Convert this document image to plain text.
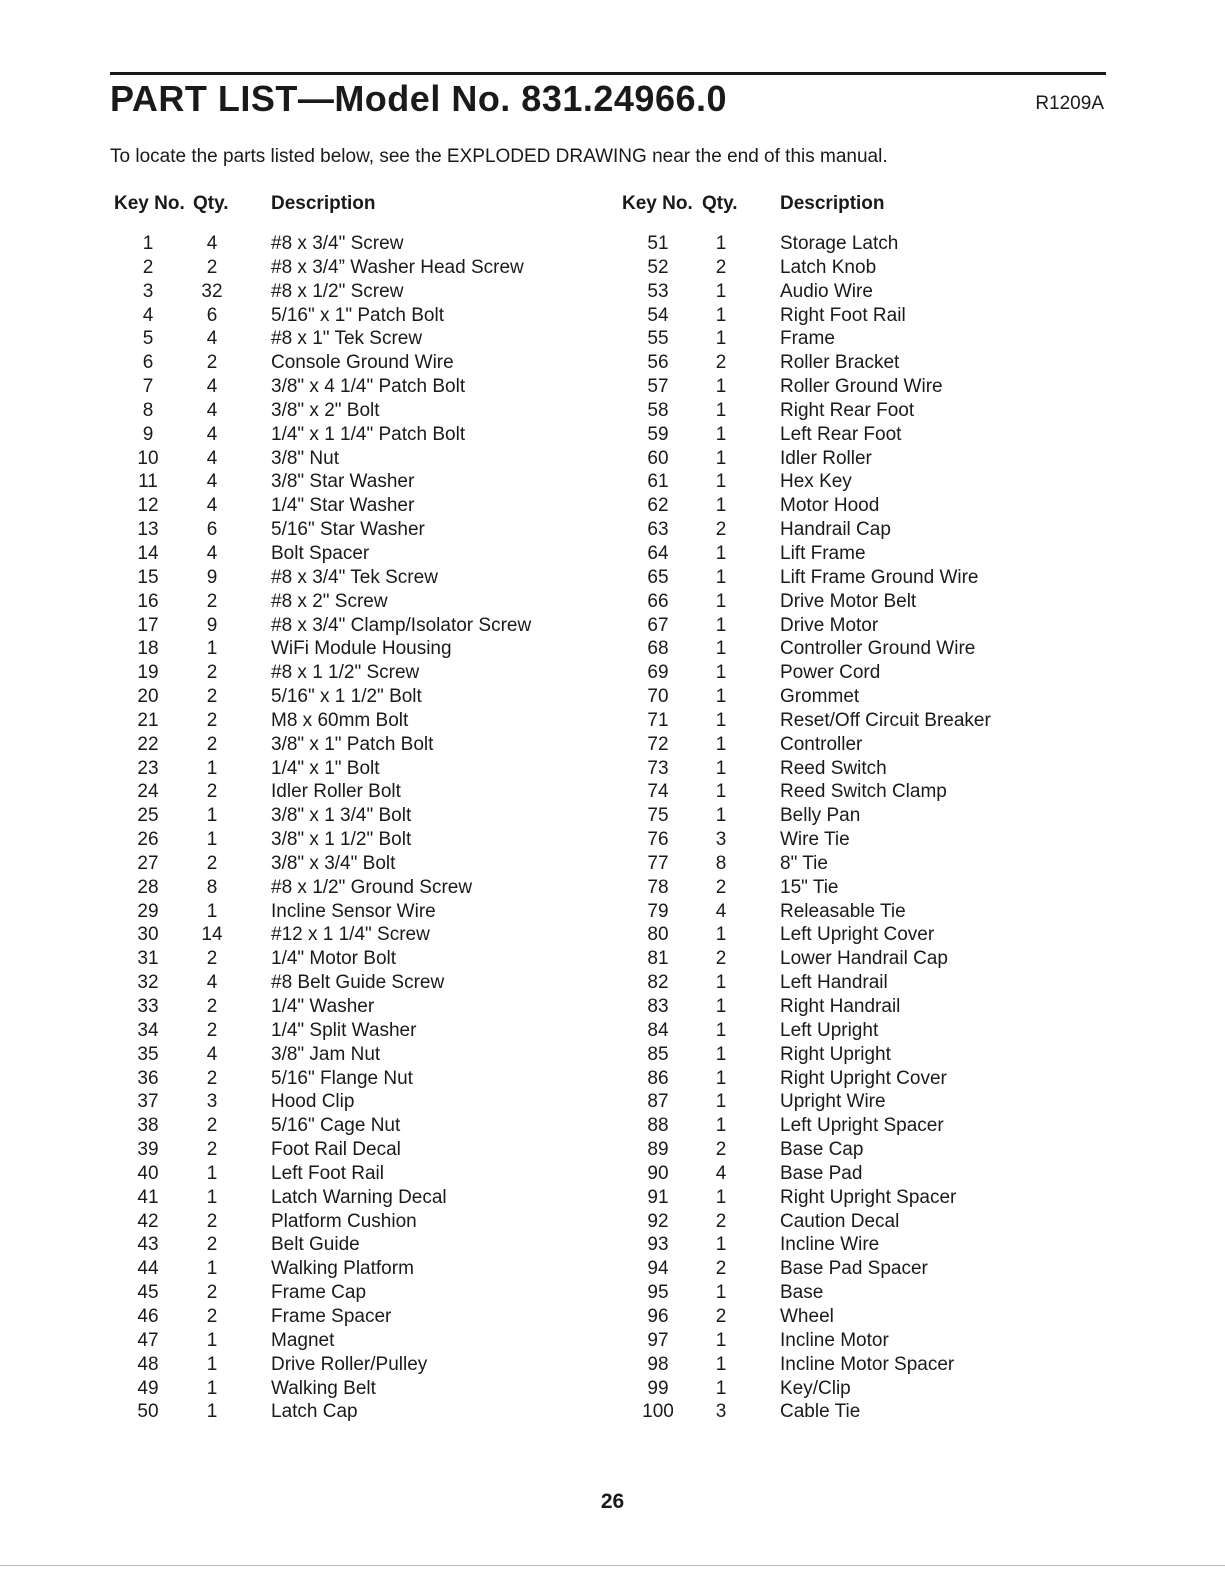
PART LIST—Model No. 831.24966.0	R1209A
To locate the parts listed below, see the EXPLODED DRAWING near the end of this manual.
Key No. Qty. Description	Key No. Qty. Description
1	4	#8 x 3/4" Screw
2	2	#8 x 3/4” Washer Head Screw
3	32	#8 x 1/2" Screw
4	6	5/16" x 1" Patch Bolt
5	4	#8 x 1" Tek Screw
6	2	Console Ground Wire
7	4	3/8" x 4 1/4" Patch Bolt
8	4	3/8" x 2" Bolt
9	4	1/4" x 1 1/4" Patch Bolt
10	4	3/8" Nut
11	4	3/8" Star Washer
12	4	1/4" Star Washer
13	6	5/16" Star Washer
14	4	Bolt Spacer
15	9	#8 x 3/4" Tek Screw
16	2	#8 x 2" Screw
17	9	#8 x 3/4" Clamp/Isolator Screw
18	1	WiFi Module Housing
19	2	#8 x 1 1/2" Screw
20	2	5/16" x 1 1/2" Bolt
21	2	M8 x 60mm Bolt
22	2	3/8" x 1" Patch Bolt
23	1	1/4" x 1" Bolt
24	2	Idler Roller Bolt
25	1	3/8" x 1 3/4" Bolt
26	1	3/8" x 1 1/2" Bolt
27	2	3/8" x 3/4" Bolt
28	8	#8 x 1/2" Ground Screw
29	1	Incline Sensor Wire
30	14	#12 x 1 1/4" Screw
31	2	1/4" Motor Bolt
32	4	#8 Belt Guide Screw
33	2	1/4" Washer
34	2	1/4" Split Washer
35	4	3/8" Jam Nut
36	2	5/16" Flange Nut
37	3	Hood Clip
38	2	5/16" Cage Nut
39	2	Foot Rail Decal
40	1	Left Foot Rail
41	1	Latch Warning Decal
42	2	Platform Cushion
43	2	Belt Guide
44	1	Walking Platform
45	2	Frame Cap
46	2	Frame Spacer
47	1	Magnet
48	1	Drive Roller/Pulley
49	1	Walking Belt
50	1	Latch Cap
51	1	Storage Latch
52	2	Latch Knob
53	1	Audio Wire
54	1	Right Foot Rail
55	1	Frame
56	2	Roller Bracket
57	1	Roller Ground Wire
58	1	Right Rear Foot
59	1	Left Rear Foot
60	1	Idler Roller
61	1	Hex Key
62	1	Motor Hood
63	2	Handrail Cap
64	1	Lift Frame
65	1	Lift Frame Ground Wire
66	1	Drive Motor Belt
67	1	Drive Motor
68	1	Controller Ground Wire
69	1	Power Cord
70	1	Grommet
71	1	Reset/Off Circuit Breaker
72	1	Controller
73	1	Reed Switch
74	1	Reed Switch Clamp
75	1	Belly Pan
76	3	Wire Tie
77	8	8" Tie
78	2	15" Tie
79	4	Releasable Tie
80	1	Left Upright Cover
81	2	Lower Handrail Cap
82	1	Left Handrail
83	1	Right Handrail
84	1	Left Upright
85	1	Right Upright
86	1	Right Upright Cover
87	1	Upright Wire
88	1	Left Upright Spacer
89	2	Base Cap
90	4	Base Pad
91	1	Right Upright Spacer
92	2	Caution Decal
93	1	Incline Wire
94	2	Base Pad Spacer
95	1	Base
96	2	Wheel
97	1	Incline Motor
98	1	Incline Motor Spacer
99	1	Key/Clip
100	3	Cable Tie
26
